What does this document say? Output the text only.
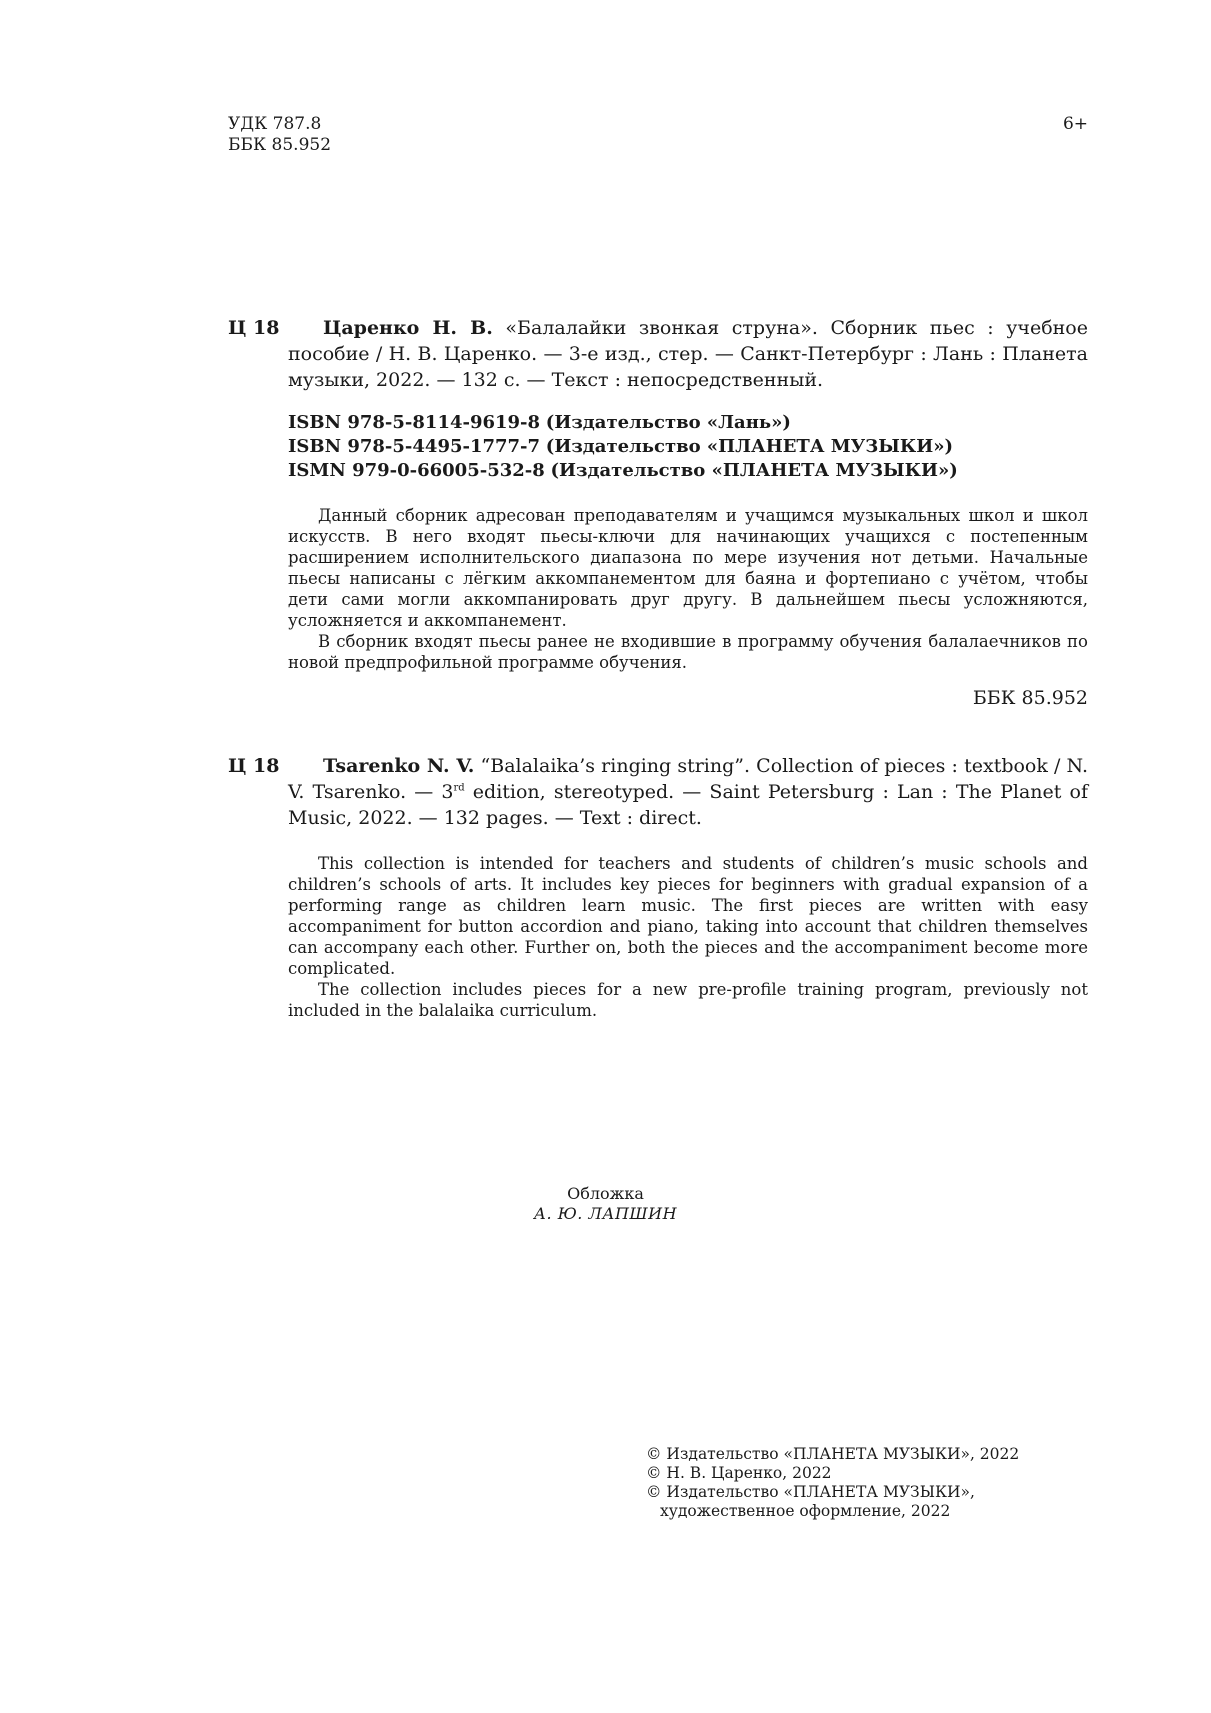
УДК 787.8
ББК 85.952
6+
Ц 18	Царенко Н. В. «Балалайки звонкая струна». Сборник пьес : учебное пособие / Н. В. Царенко. — 3-е изд., стер. — Санкт-Петербург : Лань : Планета музыки, 2022. — 132 с. — Текст : непосредственный.
ISBN 978-5-8114-9619-8 (Издательство «Лань»)
ISBN 978-5-4495-1777-7 (Издательство «ПЛАНЕТА МУЗЫКИ»)
ISMN 979-0-66005-532-8 (Издательство «ПЛАНЕТА МУЗЫКИ»)

Данный сборник адресован преподавателям и учащимся музыкальных школ и школ искусств. В него входят пьесы-ключи для начинающих учащихся с постепенным расширением исполнительского диапазона по мере изучения нот детьми. Начальные пьесы написаны с лёгким аккомпанементом для баяна и фортепиано с учётом, чтобы дети сами могли аккомпанировать друг другу. В дальнейшем пьесы усложняются, усложняется и аккомпанемент.

В сборник входят пьесы ранее не входившие в программу обучения балалаечников по новой предпрофильной программе обучения.

ББК 85.952
Ц 18	Tsarenko N. V. “Balalaika’s ringing string”. Collection of pieces : textbook / N. V. Tsarenko. — 3rd edition, stereotyped. — Saint Petersburg : Lan : The Planet of Music, 2022. — 132 pages. — Text : direct.

This collection is intended for teachers and students of children’s music schools and children’s schools of arts. It includes key pieces for beginners with gradual expansion of a performing range as children learn music. The first pieces are written with easy accompaniment for button accordion and piano, taking into account that children themselves can accompany each other. Further on, both the pieces and the accompaniment become more complicated.

The collection includes pieces for a new pre-profile training program, previously not included in the balalaika curriculum.

Обложка
А. Ю. ЛАПШИН
© Издательство «ПЛАНЕТА МУЗЫКИ», 2022
© Н. В. Царенко, 2022
© Издательство «ПЛАНЕТА МУЗЫКИ», художественное оформление, 2022
